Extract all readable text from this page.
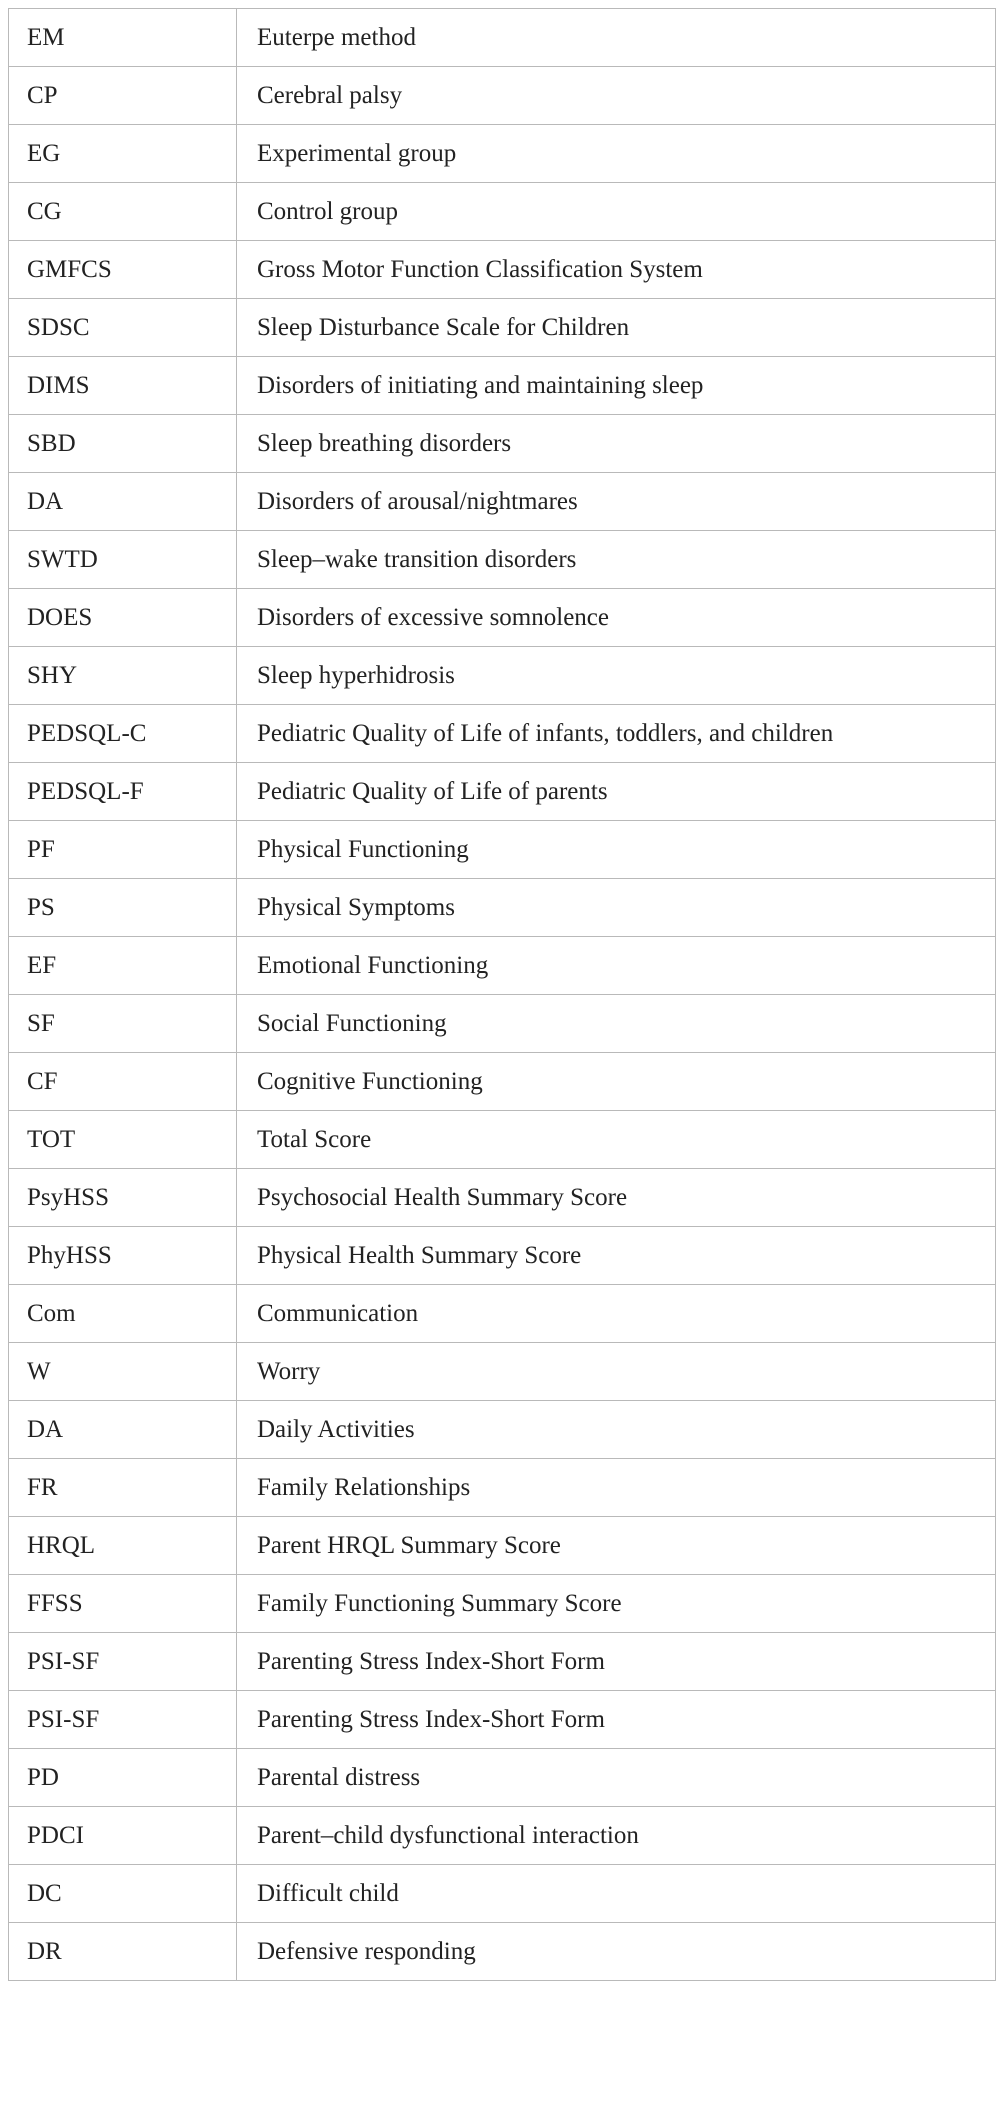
EM	Euterpe method
CP	Cerebral palsy
EG	Experimental group
CG	Control group
GMFCS	Gross Motor Function Classification System
SDSC	Sleep Disturbance Scale for Children
DIMS	Disorders of initiating and maintaining sleep
SBD	Sleep breathing disorders
DA	Disorders of arousal/nightmares
SWTD	Sleep–wake transition disorders
DOES	Disorders of excessive somnolence
SHY	Sleep hyperhidrosis
PEDSQL-C	Pediatric Quality of Life of infants, toddlers, and children
PEDSQL-F	Pediatric Quality of Life of parents
PF	Physical Functioning
PS	Physical Symptoms
EF	Emotional Functioning
SF	Social Functioning
CF	Cognitive Functioning
TOT	Total Score
PsyHSS	Psychosocial Health Summary Score
PhyHSS	Physical Health Summary Score
Com	Communication
W	Worry
DA	Daily Activities
FR	Family Relationships
HRQL	Parent HRQL Summary Score
FFSS	Family Functioning Summary Score
PSI-SF	Parenting Stress Index-Short Form
PSI-SF	Parenting Stress Index-Short Form
PD	Parental distress
PDCI	Parent–child dysfunctional interaction
DC	Difficult child
DR	Defensive responding
